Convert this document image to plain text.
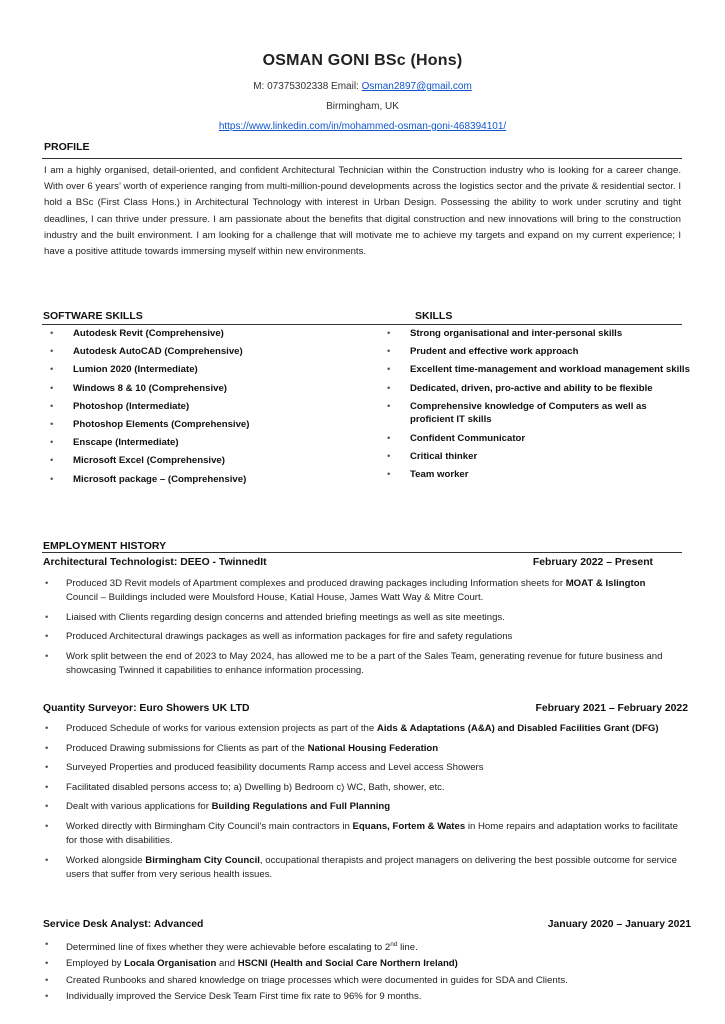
OSMAN GONI BSc (Hons)
M: 07375302338 Email: Osman2897@gmail.com
Birmingham, UK
https://www.linkedin.com/in/mohammed-osman-goni-468394101/
PROFILE
I am a highly organised, detail-oriented, and confident Architectural Technician within the Construction industry who is looking for a career change. With over 6 years’ worth of experience ranging from multi-million-pound developments across the logistics sector and the private & residential sector. I hold a BSc (First Class Hons.) in Architectural Technology with interest in Urban Design. Possessing the ability to work under scrutiny and tight deadlines, I can thrive under pressure. I am passionate about the benefits that digital construction and new innovations will bring to the construction industry and the built environment. I am looking for a challenge that will motivate me to achieve my targets and expand on my current experience; I have a positive attitude towards immersing myself within new environments.
SOFTWARE SKILLS	SKILLS
• Autodesk Revit (Comprehensive)
• Autodesk AutoCAD (Comprehensive)
• Lumion 2020 (Intermediate)
• Windows 8 & 10 (Comprehensive)
• Photoshop (Intermediate)
• Photoshop Elements (Comprehensive)
• Enscape (Intermediate)
• Microsoft Excel (Comprehensive)
• Microsoft package – (Comprehensive)
• Strong organisational and inter-personal skills
• Prudent and effective work approach
• Excellent time-management and workload management skills
• Dedicated, driven, pro-active and ability to be flexible
• Comprehensive knowledge of Computers as well as proficient IT skills
• Confident Communicator
• Critical thinker
• Team worker
EMPLOYMENT HISTORY
Architectural Technologist: DEEO - TwinnedIt	February 2022 – Present
• Produced 3D Revit models of Apartment complexes and produced drawing packages including Information sheets for MOAT & Islington Council – Buildings included were Moulsford House, Katial House, James Watt Way & Mitre Court.
• Liaised with Clients regarding design concerns and attended briefing meetings as well as site meetings.
• Produced Architectural drawings packages as well as information packages for fire and safety regulations
• Work split between the end of 2023 to May 2024, has allowed me to be a part of the Sales Team, generating revenue for future business and showcasing Twinned it capabilities to enhance information processing.
Quantity Surveyor: Euro Showers UK LTD	February 2021 – February 2022
• Produced Schedule of works for various extension projects as part of the Aids & Adaptations (A&A) and Disabled Facilities Grant (DFG)
• Produced Drawing submissions for Clients as part of the National Housing Federation
• Surveyed Properties and produced feasibility documents Ramp access and Level access Showers
• Facilitated disabled persons access to; a) Dwelling b) Bedroom c) WC, Bath, shower, etc.
• Dealt with various applications for Building Regulations and Full Planning
• Worked directly with Birmingham City Council’s main contractors in Equans, Fortem & Wates in Home repairs and adaptation works to facilitate for those with disabilities.
• Worked alongside Birmingham City Council, occupational therapists and project managers on delivering the best possible outcome for service users that suffer from very serious health issues.
Service Desk Analyst: Advanced	January 2020 – January 2021
• Determined line of fixes whether they were achievable before escalating to 2nd line.
• Employed by Locala Organisation and HSCNI (Health and Social Care Northern Ireland)
• Created Runbooks and shared knowledge on triage processes which were documented in guides for SDA and Clients.
• Individually improved the Service Desk Team First time fix rate to 96% for 9 months.
